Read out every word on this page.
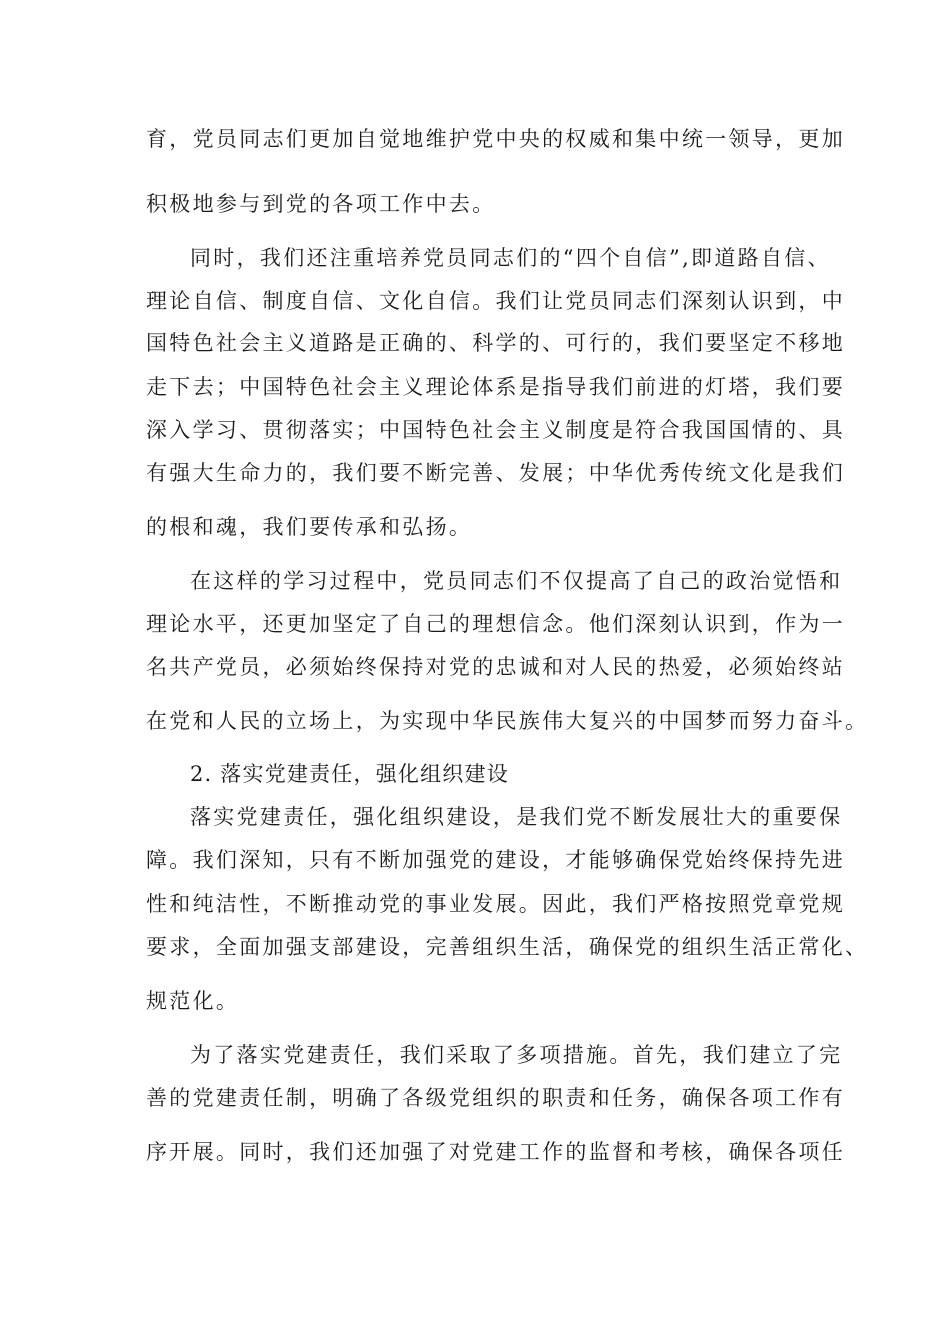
育，党员同志们更加自觉地维护党中央的权威和集中统一领导，更加
积极地参与到党的各项工作中去。
同时，我们还注重培养党员同志们的“四个自信”,即道路自信、
理论自信、制度自信、文化自信。我们让党员同志们深刻认识到，中
国特色社会主义道路是正确的、科学的、可行的，我们要坚定不移地
走下去；中国特色社会主义理论体系是指导我们前进的灯塔，我们要
深入学习、贯彻落实；中国特色社会主义制度是符合我国国情的、具
有强大生命力的，我们要不断完善、发展；中华优秀传统文化是我们
的根和魂，我们要传承和弘扬。
在这样的学习过程中，党员同志们不仅提高了自己的政治觉悟和
理论水平，还更加坚定了自己的理想信念。他们深刻认识到，作为一
名共产党员，必须始终保持对党的忠诚和对人民的热爱，必须始终站
在党和人民的立场上，为实现中华民族伟大复兴的中国梦而努力奋斗。
2. 落实党建责任，强化组织建设
落实党建责任，强化组织建设，是我们党不断发展壮大的重要保
障。我们深知，只有不断加强党的建设，才能够确保党始终保持先进
性和纯洁性，不断推动党的事业发展。因此，我们严格按照党章党规
要求，全面加强支部建设，完善组织生活，确保党的组织生活正常化、
规范化。
为了落实党建责任，我们采取了多项措施。首先，我们建立了完
善的党建责任制，明确了各级党组织的职责和任务，确保各项工作有
序开展。同时，我们还加强了对党建工作的监督和考核，确保各项任
